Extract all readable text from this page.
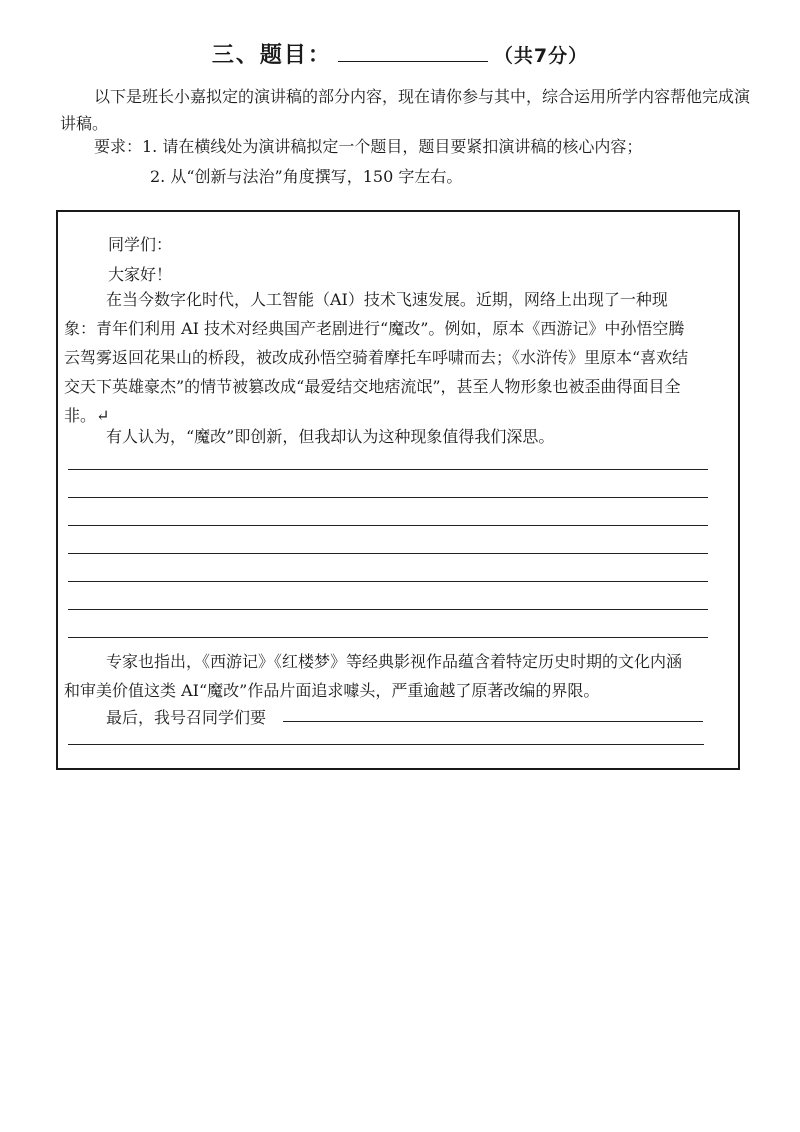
三、题目：	（共7分）
以下是班长小嘉拟定的演讲稿的部分内容，现在请你参与其中，综合运用所学内容帮他完成演讲稿。
要求：1. 请在横线处为演讲稿拟定一个题目，题目要紧扣演讲稿的核心内容；
2. 从“创新与法治”角度撰写，150 字左右。
同学们：
大家好！
在当今数字化时代，人工智能（AI）技术飞速发展。近期，网络上出现了一种现象：青年们利用 AI 技术对经典国产老剧进行“魔改”。例如，原本《西游记》中孙悟空腾云驾雾返回花果山的桥段，被改成孙悟空骑着摩托车呼啸而去；《水浒传》里原本“喜欢结交天下英雄豪杰”的情节被篡改成“最爱结交地痞流氓”，甚至人物形象也被歪曲得面目全非。↵
有人认为，“魔改”即创新，但我却认为这种现象值得我们深思。
专家也指出，《西游记》《红楼梦》等经典影视作品蕴含着特定历史时期的文化内涵和审美价值这类 AI“魔改”作品片面追求噱头，严重逾越了原著改编的界限。
最后，我号召同学们要
